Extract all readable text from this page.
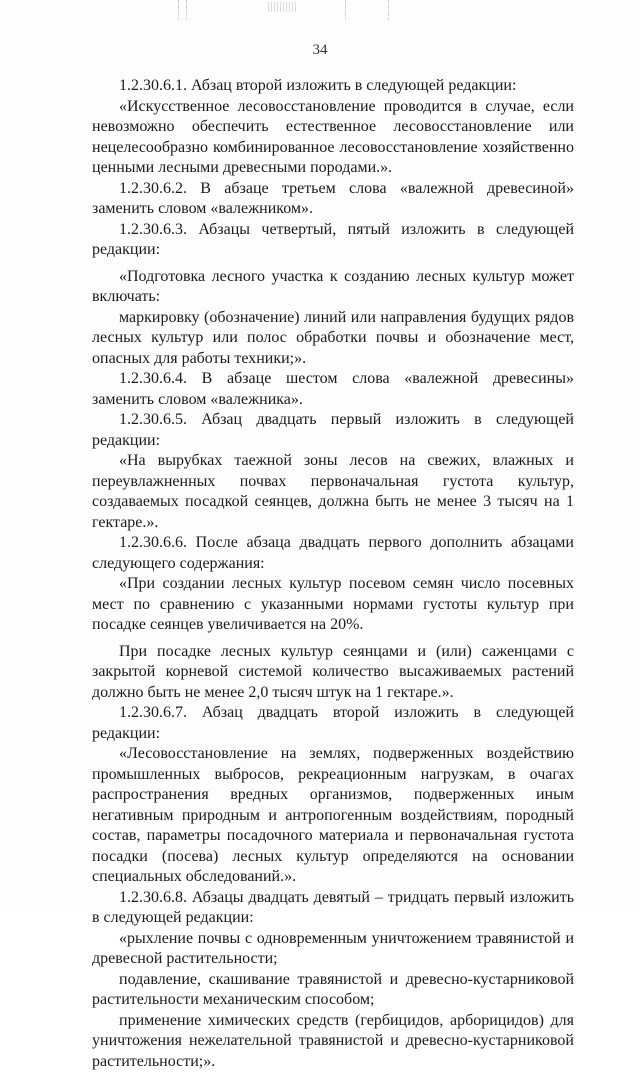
34

1.2.30.6.1. Абзац второй изложить в следующей редакции:

«Искусственное лесовосстановление проводится в случае, если невозможно обеспечить естественное лесовосстановление или нецелесообразно комбинированное лесовосстановление хозяйственно ценными лесными древесными породами.».

1.2.30.6.2. В абзаце третьем слова «валежной древесиной» заменить словом «валежником».

1.2.30.6.3. Абзацы четвертый, пятый изложить в следующей редакции:

«Подготовка лесного участка к созданию лесных культур может включать:

маркировку (обозначение) линий или направления будущих рядов лесных культур или полос обработки почвы и обозначение мест, опасных для работы техники;».

1.2.30.6.4. В абзаце шестом слова «валежной древесины» заменить словом «валежника».

1.2.30.6.5. Абзац двадцать первый изложить в следующей редакции:

«На вырубках таежной зоны лесов на свежих, влажных и переувлажненных почвах первоначальная густота культур, создаваемых посадкой сеянцев, должна быть не менее 3 тысяч на 1 гектаре.».

1.2.30.6.6. После абзаца двадцать первого дополнить абзацами следующего содержания:

«При создании лесных культур посевом семян число посевных мест по сравнению с указанными нормами густоты культур при посадке сеянцев увеличивается на 20%.

При посадке лесных культур сеянцами и (или) саженцами с закрытой корневой системой количество высаживаемых растений должно быть не менее 2,0 тысяч штук на 1 гектаре.».

1.2.30.6.7. Абзац двадцать второй изложить в следующей редакции:

«Лесовосстановление на землях, подверженных воздействию промышленных выбросов, рекреационным нагрузкам, в очагах распространения вредных организмов, подверженных иным негативным природным и антропогенным воздействиям, породный состав, параметры посадочного материала и первоначальная густота посадки (посева) лесных культур определяются на основании специальных обследований.».

1.2.30.6.8. Абзацы двадцать девятый – тридцать первый изложить в следующей редакции:

«рыхление почвы с одновременным уничтожением травянистой и древесной растительности;

подавление, скашивание травянистой и древесно-кустарниковой растительности механическим способом;

применение химических средств (гербицидов, арборицидов) для уничтожения нежелательной травянистой и древесно-кустарниковой растительности;».
